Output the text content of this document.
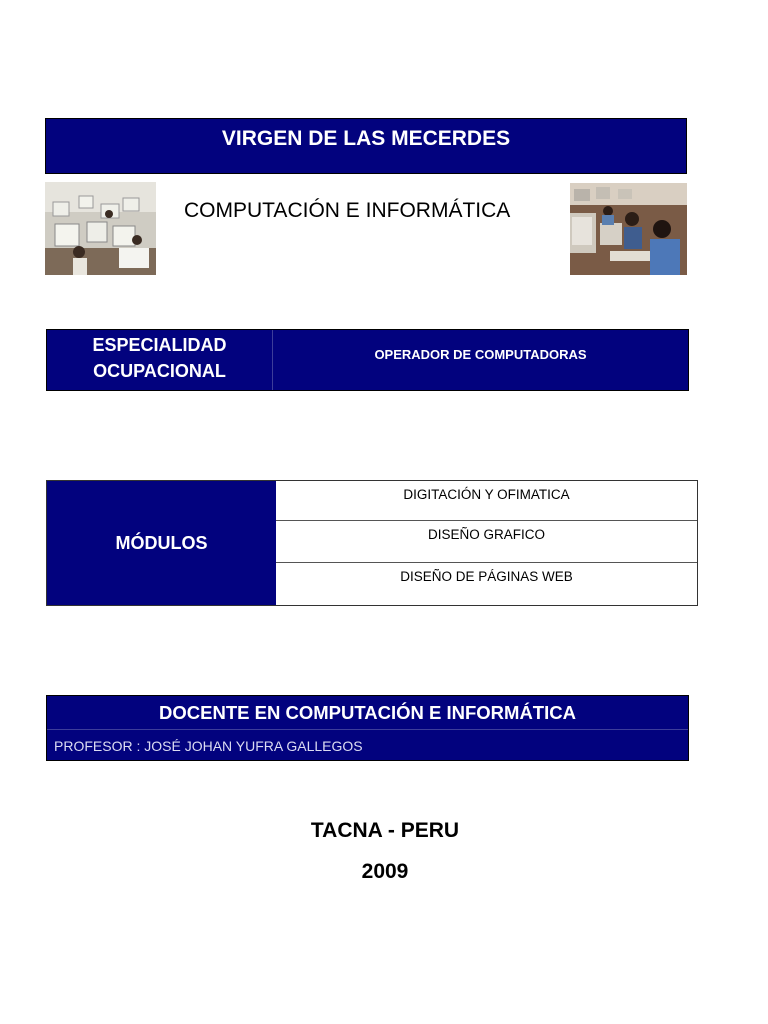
VIRGEN DE LAS MECERDES
COMPUTACIÓN E INFORMÁTICA
ESPECIALIDAD
OCUPACIONAL
OPERADOR DE COMPUTADORAS
MÓDULOS
DIGITACIÓN Y OFIMATICA
DISEÑO GRAFICO
DISEÑO DE PÁGINAS WEB
DOCENTE EN COMPUTACIÓN E INFORMÁTICA
PROFESOR : JOSÉ JOHAN YUFRA GALLEGOS
TACNA - PERU
2009
